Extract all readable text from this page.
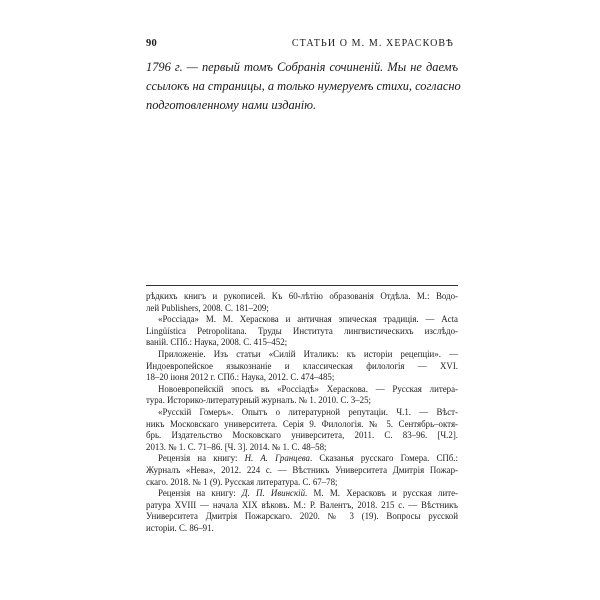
90	СТАТЬИ О М. М. ХЕРАСКОВѢ
1796 г. — первый томъ Собранія сочиненій. Мы не даемъ
ссылокъ на страницы, а только нумеруемъ стихи, согласно
подготовленному нами изданію.
рѣдкихъ книгъ и рукописей. Къ 60-лѣтію образованія Отдѣла. М.: Водо-
лей Publishers, 2008. С. 181–209;
«Россіада» М. М. Хераскова и античная эпическая традиція. — Acta
Lingüística Petropolitana. Труды Института лингвистическихъ изслѣдо-
ваній. СПб.: Наука, 2008. С. 415–452;
Приложеніе. Изъ статьи «Силій Италикъ: къ исторіи рецепціи». —
Индоевропейское языкознаніе и классическая филологія — XVI.
18–20 іюня 2012 г. СПб.: Наука, 2012. С. 474–485;
Новоевропейскій эпосъ въ «Россіадѣ» Хераскова. — Русская литера-
тура. Историко-литературный журналъ. № 1. 2010. С. 3–25;
«Русскій Гомеръ». Опытъ о литературной репутаціи. Ч.1. — Вѣст-
никъ Московскаго университета. Серія 9. Филологія. № 5. Сентябрь–октя-
брь. Издательство Московскаго университета, 2011. С. 83–96. [Ч.2].
2013. № 1. С. 71–86. [Ч. 3]. 2014. № 1. С. 48–58;
Рецензія на книгу: Н. А. Гранцева. Сказанья русскаго Гомера. СПб.:
Журналъ «Нева», 2012. 224 с. — Вѣстникъ Университета Дмитрія Пожар-
скаго. 2018. № 1 (9). Русская литература. С. 67–78;
Рецензія на книгу: Д. П. Ивинскій. М. М. Херасковъ и русская лите-
ратура XVIII — начала XIX вѣковъ. М.: Р. Валентъ, 2018. 215 с. — Вѣстникъ
Университета Дмитрія Пожарскаго. 2020. № 3 (19). Вопросы русской
исторіи. С. 86–91.
